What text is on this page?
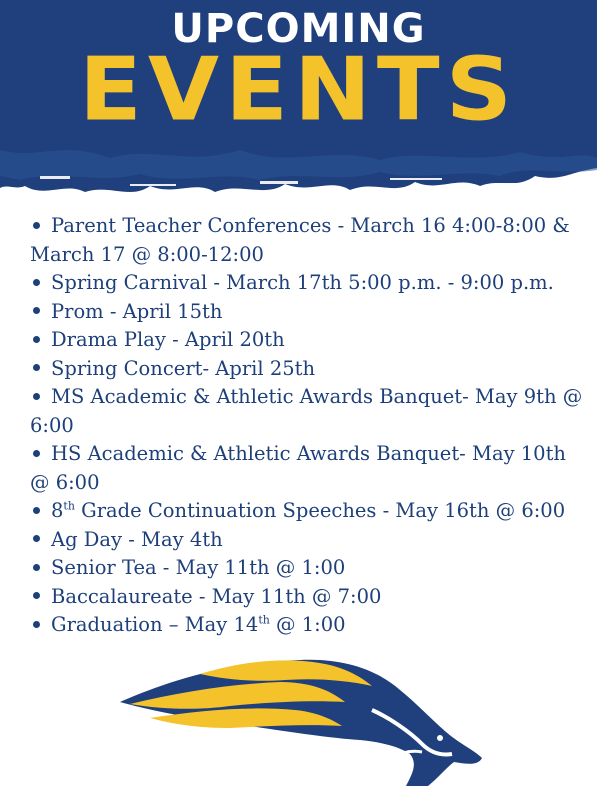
UPCOMING
EVENTS
Parent Teacher Conferences - March 16 4:00-8:00 & March 17 @ 8:00-12:00
Spring Carnival - March 17th 5:00 p.m. - 9:00 p.m.
Prom - April 15th
Drama Play - April 20th
Spring Concert- April 25th
MS Academic & Athletic Awards Banquet- May 9th @ 6:00
HS Academic & Athletic Awards Banquet- May 10th @ 6:00
8th Grade Continuation Speeches - May 16th @ 6:00
Ag Day - May 4th
Senior Tea - May 11th @ 1:00
Baccalaureate - May 11th @ 7:00
Graduation – May 14th @ 1:00
